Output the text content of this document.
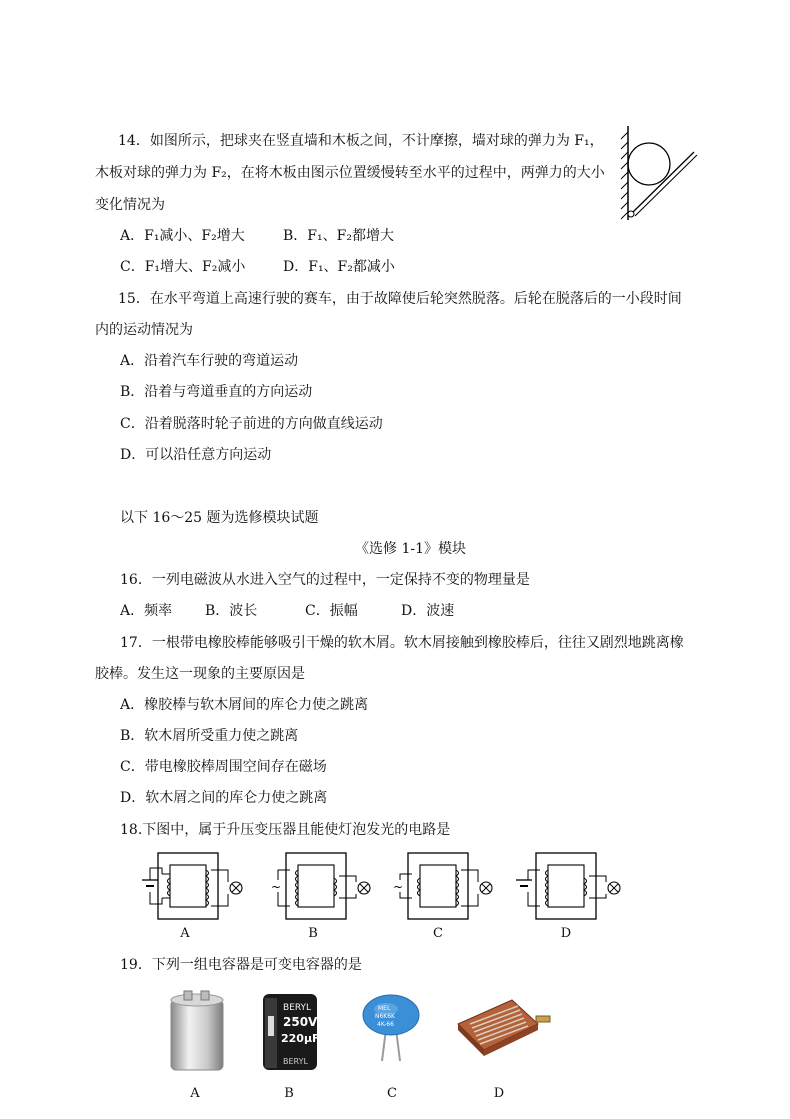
14．如图所示，把球夹在竖直墙和木板之间，不计摩擦，墙对球的弹力为 F₁，
木板对球的弹力为 F₂，在将木板由图示位置缓慢转至水平的过程中，两弹力的大小
变化情况为
A．F₁减小、F₂增大	B．F₁、F₂都增大
C．F₁增大、F₂减小	D．F₁、F₂都减小
15．在水平弯道上高速行驶的赛车，由于故障使后轮突然脱落。后轮在脱落后的一小段时间
内的运动情况为
A．沿着汽车行驶的弯道运动
B．沿着与弯道垂直的方向运动
C．沿着脱落时轮子前进的方向做直线运动
D．可以沿任意方向运动
以下 16～25 题为选修模块试题
《选修 1-1》模块
16．一列电磁波从水进入空气的过程中，一定保持不变的物理量是
A．频率 B．波长	C．振幅	D．波速
17．一根带电橡胶棒能够吸引干燥的软木屑。软木屑接触到橡胶棒后，往往又剧烈地跳离橡
胶棒。发生这一现象的主要原因是
A．橡胶棒与软木屑间的库仑力使之跳离
B．软木屑所受重力使之跳离
C．带电橡胶棒周围空间存在磁场
D．软木屑之间的库仑力使之跳离
18.下图中，属于升压变压器且能使灯泡发光的电路是
~	~
A	B	C	D
19．下列一组电容器是可变电容器的是
BERYL
250V
220μF
BERYL
MEL
N6K6K
4K-66
A	B	C	D
